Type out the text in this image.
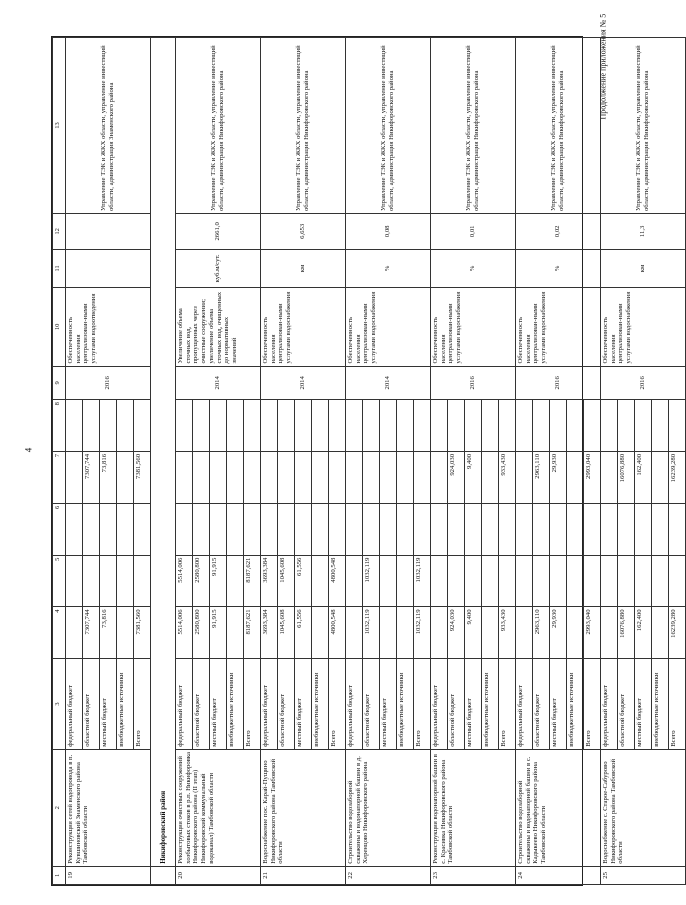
4
Продолжение приложения № 5
1	2	3	4	5	6	7	8	9	10	11	12	13
19	Реконструкция сетей водопровода в п. Кувшиновский Знаменского района Тамбовской области	федеральный бюджет						2016	Обеспеченность населения централизован-ными услугами водоотведения			Управление ТЭК и ЖКХ области, управление инвестиций области, администрация Знаменского района
		областной бюджет	7307,744			7307,744						
		местный бюджет	73,816			73,816						
		внебюджетные источники										
		Всего	7381,560			7381,560						
	Никифоровский район											
20	Реконструкция очистных сооружений хозбытовых стоков в р.п. Никифоровка Никифоровского района (II этап) Никифоровский коммунальный водоканал) Тамбовской области	федеральный бюджет	5514,006	5514,006				2014	Увеличение объема сточных вод, пропущенных через очистные сооружения; увеличение объема сточных вод, очищенных до нормативных значений	куб.м/сут.	2661,0	Управление ТЭК и ЖКХ области, управление инвестиций области, администрация Никифоровского района
		областной бюджет	2580,800	2580,800								
		местный бюджет	91,915	91,915								
		внебюджетные источники										
		Всего	8187,621	8187,621								
21	Водоснабжение пос. Карай-Пущино Никифоровского района Тамбовской области	федеральный бюджет	3693,384	3693,384				2014	Обеспеченность населения централизован-ными услугами водоснабжения	км	6,653	Управление ТЭК и ЖКХ области, управление инвестиций области, администрация Никифоровского района
		областной бюджет	1045,608	1045,608								
		местный бюджет	61,556	61,556								
		внебюджетные источники										
		Всего	4800,548	4800,548								
22	Строительство водозаборной скважины и водонапорной башни в д. Херенцово Никифоровского района	федеральный бюджет						2014	Обеспеченность населения централизован-ными услугами водоснабжения	%	0,08	Управление ТЭК и ЖКХ области, управление инвестиций области, администрация Никифоровского района
		областной бюджет	1032,119	1032,119								
		местный бюджет										
		внебюджетные источники										
		Всего	1032,119	1032,119								
23	Реконструкция водонапорной башни в с. Красивка Никифоровского района Тамбовской области	федеральный бюджет						2016	Обеспеченность населения централизован-ными услугами водоснабжения	%	0,01	Управление ТЭК и ЖКХ области, управление инвестиций области, администрация Никифоровского района
		областной бюджет	924,030			924,030						
		местный бюджет	9,400			9,400						
		внебюджетные источники										
		Всего	933,430			933,430						
24	Строительство водозаборной скважины и водонапорной башни в с. Кадыкеево Никифоровского района Тамбовской области	федеральный бюджет						2016	Обеспеченность населения централизован-ными услугами водоснабжения	%	0,02	Управление ТЭК и ЖКХ области, управление инвестиций области, администрация Никифоровского района
		областной бюджет	2963,110			2963,110						
		местный бюджет	29,930			29,930						
		внебюджетные источники										
		Всего	2993,040			2993,040						
25	Водоснабжение с. Старое-Сабурово Никифоровского района Тамбовской области	федеральный бюджет						2016	Обеспеченность населения централизован-ными услугами водоснабжения	км	11,3	Управление ТЭК и ЖКХ области, управление инвестиций области, администрация Никифоровского района
		областной бюджет	16076,880			16076,880						
		местный бюджет	162,400			162,400						
		внебюджетные источники										
		Всего	16239,280			16239,280						
